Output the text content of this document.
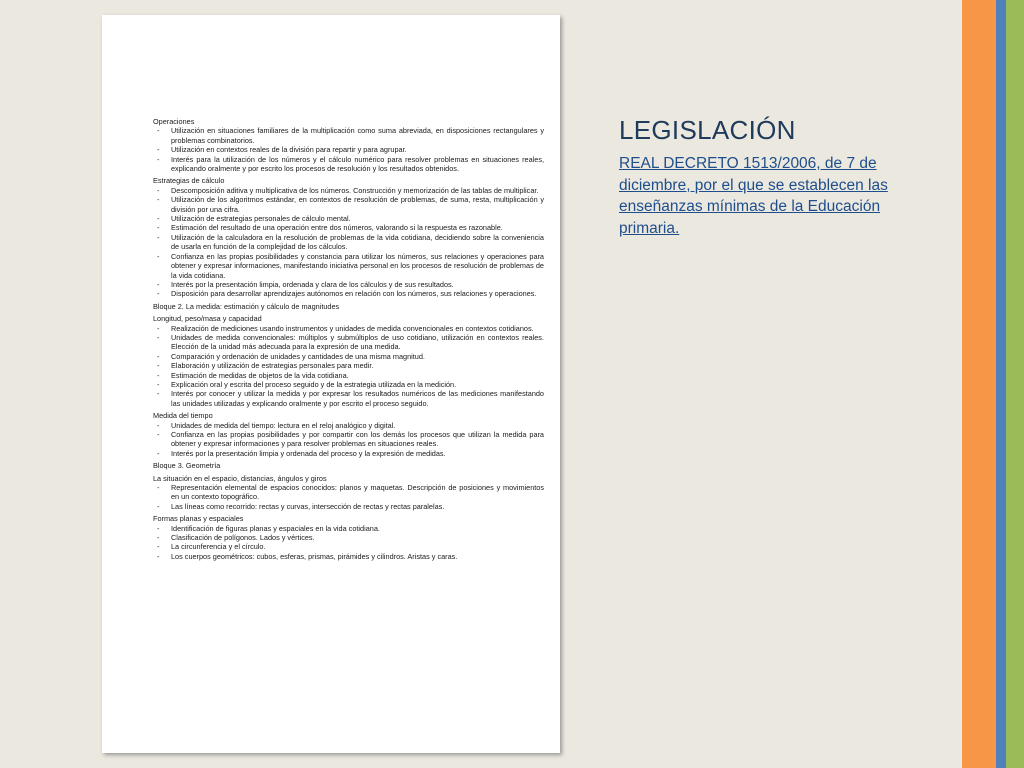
Operaciones
- Utilización en situaciones familiares de la multiplicación como suma abreviada, en disposiciones rectangulares y problemas combinatorios.
- Utilización en contextos reales de la división para repartir y para agrupar.
- Interés para la utilización de los números y el cálculo numérico para resolver problemas en situaciones reales, explicando oralmente y por escrito los procesos de resolución y los resultados obtenidos.
Estrategias de cálculo
- Descomposición aditiva y multiplicativa de los números. Construcción y memorización de las tablas de multiplicar.
- Utilización de los algoritmos estándar, en contextos de resolución de problemas, de suma, resta, multiplicación y división por una cifra.
- Utilización de estrategias personales de cálculo mental.
- Estimación del resultado de una operación entre dos números, valorando si la respuesta es razonable.
- Utilización de la calculadora en la resolución de problemas de la vida cotidiana, decidiendo sobre la conveniencia de usarla en función de la complejidad de los cálculos.
- Confianza en las propias posibilidades y constancia para utilizar los números, sus relaciones y operaciones para obtener y expresar informaciones, manifestando iniciativa personal en los procesos de resolución de problemas de la vida cotidiana.
- Interés por la presentación limpia, ordenada y clara de los cálculos y de sus resultados.
- Disposición para desarrollar aprendizajes autónomos en relación con los números, sus relaciones y operaciones.
Bloque 2. La medida: estimación y cálculo de magnitudes
Longitud, peso/masa y capacidad
- Realización de mediciones usando instrumentos y unidades de medida convencionales en contextos cotidianos.
- Unidades de medida convencionales: múltiplos y submúltiplos de uso cotidiano, utilización en contextos reales. Elección de la unidad más adecuada para la expresión de una medida.
- Comparación y ordenación de unidades y cantidades de una misma magnitud.
- Elaboración y utilización de estrategias personales para medir.
- Estimación de medidas de objetos de la vida cotidiana.
- Explicación oral y escrita del proceso seguido y de la estrategia utilizada en la medición.
- Interés por conocer y utilizar la medida y por expresar los resultados numéricos de las mediciones manifestando las unidades utilizadas y explicando oralmente y por escrito el proceso seguido.
Medida del tiempo
- Unidades de medida del tiempo: lectura en el reloj analógico y digital.
- Confianza en las propias posibilidades y por compartir con los demás los procesos que utilizan la medida para obtener y expresar informaciones y para resolver problemas en situaciones reales.
- Interés por la presentación limpia y ordenada del proceso y la expresión de medidas.
Bloque 3. Geometría
La situación en el espacio, distancias, ángulos y giros
- Representación elemental de espacios conocidos: planos y maquetas. Descripción de posiciones y movimientos en un contexto topográfico.
- Las líneas como recorrido: rectas y curvas, intersección de rectas y rectas paralelas.
Formas planas y espaciales
- Identificación de figuras planas y espaciales en la vida cotidiana.
- Clasificación de polígonos. Lados y vértices.
- La circunferencia y el círculo.
- Los cuerpos geométricos: cubos, esferas, prismas, pirámides y cilindros. Aristas y caras.
LEGISLACIÓN
REAL DECRETO 1513/2006, de 7 de diciembre, por el que se establecen las enseñanzas mínimas de la Educación primaria.
